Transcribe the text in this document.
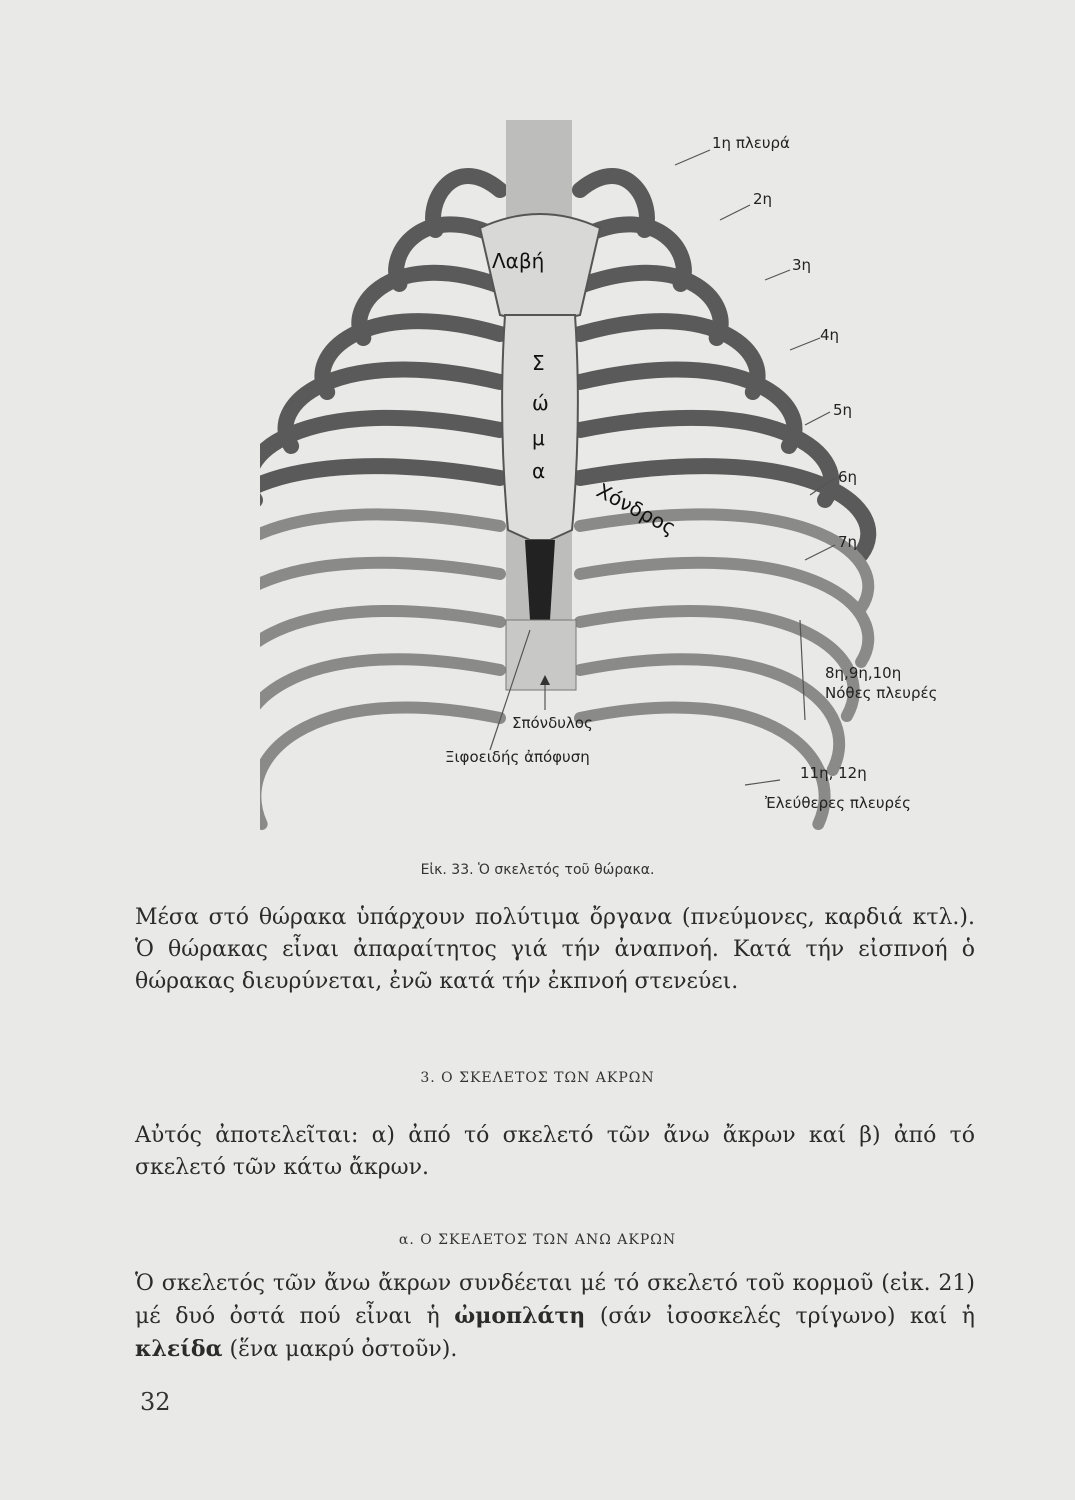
Λαβή
Σ
ώ
μ
α
Χόνδρος
1η πλευρά
2η
3η
4η
5η
6η
7η
8η,9η,10η
Νόθες πλευρές
11η, 12η
Ἐλεύθερες πλευρές
Σπόνδυλος
Ξιφοειδής ἀπόφυση
Εἰκ. 33. Ὁ σκελετός τοῦ θώρακα.
Μέσα στό θώρακα ὑπάρχουν πολύτιμα ὄργανα (πνεύμονες, καρδιά κτλ.). Ὁ θώρακας εἶναι ἀπαραίτητος γιά τήν ἀναπνοή. Κατά τήν εἰσπνοή ὁ θώρακας διευρύνεται, ἐνῶ κατά τήν ἐκπνοή στενεύει.
3. Ο ΣΚΕΛΕΤΟΣ ΤΩΝ ΑΚΡΩΝ
Αὐτός ἀποτελεῖται: α) ἀπό τό σκελετό τῶν ἄνω ἄκρων καί β) ἀπό τό σκελετό τῶν κάτω ἄκρων.
α. Ο ΣΚΕΛΕΤΟΣ ΤΩΝ ΑΝΩ ΑΚΡΩΝ
Ὁ σκελετός τῶν ἄνω ἄκρων συνδέεται μέ τό σκελετό τοῦ κορμοῦ (εἰκ. 21) μέ δυό ὀστά πού εἶναι ἡ ὠμοπλάτη (σάν ἰσοσκελές τρίγωνο) καί ἡ κλείδα (ἕνα μακρύ ὀστοῦν).
32
